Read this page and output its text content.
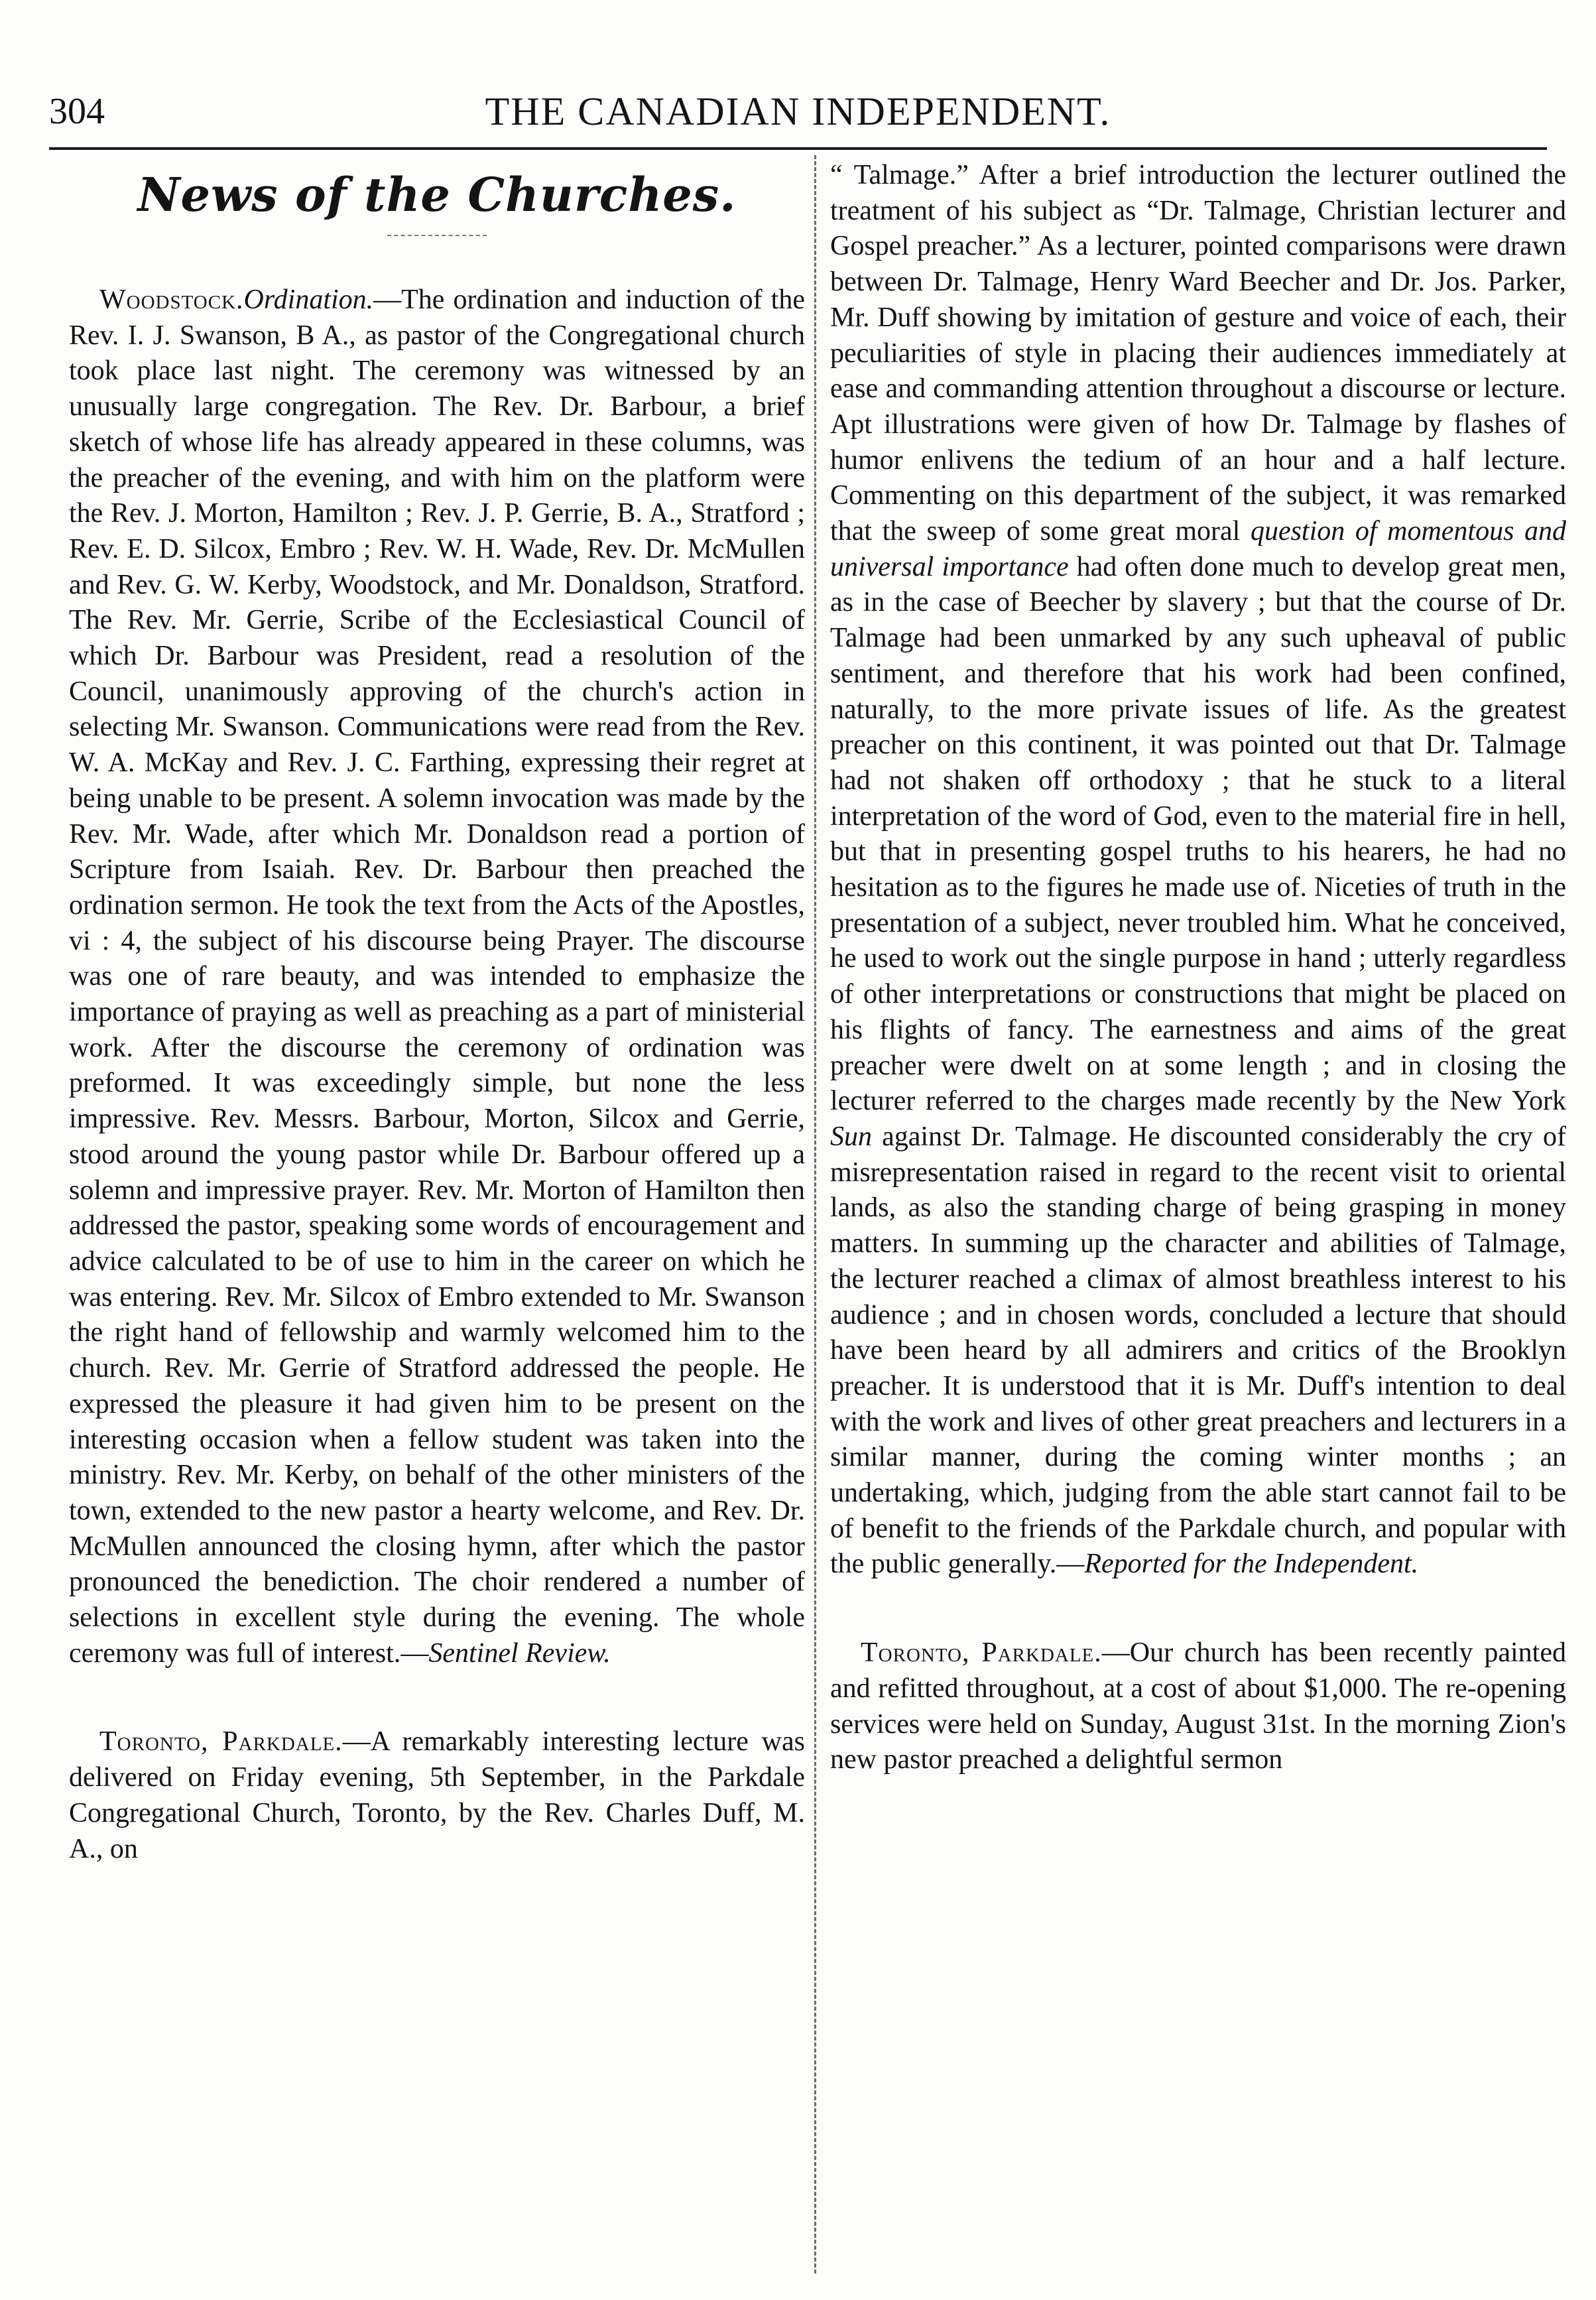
304	THE CANADIAN INDEPENDENT.
News of the Churches.

Woodstock.Ordination.—The ordination and induction of the Rev. I. J. Swanson, B A., as pastor of the Congregational church took place last night. The ceremony was witnessed by an unusually large congregation. The Rev. Dr. Barbour, a brief sketch of whose life has already appeared in these columns, was the preacher of the evening, and with him on the platform were the Rev. J. Morton, Hamilton ; Rev. J. P. Gerrie, B. A., Stratford ; Rev. E. D. Silcox, Embro ; Rev. W. H. Wade, Rev. Dr. McMullen and Rev. G. W. Kerby, Woodstock, and Mr. Donaldson, Stratford. The Rev. Mr. Gerrie, Scribe of the Ecclesiastical Council of which Dr. Barbour was President, read a resolution of the Council, unanimously approving of the church's action in selecting Mr. Swanson. Communications were read from the Rev. W. A. McKay and Rev. J. C. Farthing, expressing their regret at being unable to be present. A solemn invocation was made by the Rev. Mr. Wade, after which Mr. Donaldson read a portion of Scripture from Isaiah. Rev. Dr. Barbour then preached the ordination sermon. He took the text from the Acts of the Apostles, vi : 4, the subject of his discourse being Prayer. The discourse was one of rare beauty, and was intended to emphasize the importance of praying as well as preaching as a part of ministerial work. After the discourse the ceremony of ordination was preformed. It was exceedingly simple, but none the less impressive. Rev. Messrs. Barbour, Morton, Silcox and Gerrie, stood around the young pastor while Dr. Barbour offered up a solemn and impressive prayer. Rev. Mr. Morton of Hamilton then addressed the pastor, speaking some words of encouragement and advice calculated to be of use to him in the career on which he was entering. Rev. Mr. Silcox of Embro extended to Mr. Swanson the right hand of fellowship and warmly welcomed him to the church. Rev. Mr. Gerrie of Stratford addressed the people. He expressed the pleasure it had given him to be present on the interesting occasion when a fellow student was taken into the ministry. Rev. Mr. Kerby, on behalf of the other ministers of the town, extended to the new pastor a hearty welcome, and Rev. Dr. McMullen announced the closing hymn, after which the pastor pronounced the benediction. The choir rendered a number of selections in excellent style during the evening. The whole ceremony was full of interest.—Sentinel Review.

Toronto, Parkdale.—A remarkably interesting lecture was delivered on Friday evening, 5th September, in the Parkdale Congregational Church, Toronto, by the Rev. Charles Duff, M. A., on

“ Talmage.” After a brief introduction the lecturer outlined the treatment of his subject as “Dr. Talmage, Christian lecturer and Gospel preacher.” As a lecturer, pointed comparisons were drawn between Dr. Talmage, Henry Ward Beecher and Dr. Jos. Parker, Mr. Duff showing by imitation of gesture and voice of each, their peculiarities of style in placing their audiences immediately at ease and commanding attention throughout a discourse or lecture. Apt illustrations were given of how Dr. Talmage by flashes of humor enlivens the tedium of an hour and a half lecture. Commenting on this department of the subject, it was remarked that the sweep of some great moral question of momentous and universal importance had often done much to develop great men, as in the case of Beecher by slavery ; but that the course of Dr. Talmage had been unmarked by any such upheaval of public sentiment, and therefore that his work had been confined, naturally, to the more private issues of life. As the greatest preacher on this continent, it was pointed out that Dr. Talmage had not shaken off orthodoxy ; that he stuck to a literal interpretation of the word of God, even to the material fire in hell, but that in presenting gospel truths to his hearers, he had no hesitation as to the figures he made use of. Niceties of truth in the presentation of a subject, never troubled him. What he conceived, he used to work out the single purpose in hand ; utterly regardless of other interpretations or constructions that might be placed on his flights of fancy. The earnestness and aims of the great preacher were dwelt on at some length ; and in closing the lecturer referred to the charges made recently by the New York Sun against Dr. Talmage. He discounted considerably the cry of misrepresentation raised in regard to the recent visit to oriental lands, as also the standing charge of being grasping in money matters. In summing up the character and abilities of Talmage, the lecturer reached a climax of almost breathless interest to his audience ; and in chosen words, concluded a lecture that should have been heard by all admirers and critics of the Brooklyn preacher. It is understood that it is Mr. Duff's intention to deal with the work and lives of other great preachers and lecturers in a similar manner, during the coming winter months ; an undertaking, which, judging from the able start cannot fail to be of benefit to the friends of the Parkdale church, and popular with the public generally.—Reported for the Independent.

Toronto, Parkdale.—Our church has been recently painted and refitted throughout, at a cost of about $1,000. The re-opening services were held on Sunday, August 31st. In the morning Zion's new pastor preached a delightful sermon
